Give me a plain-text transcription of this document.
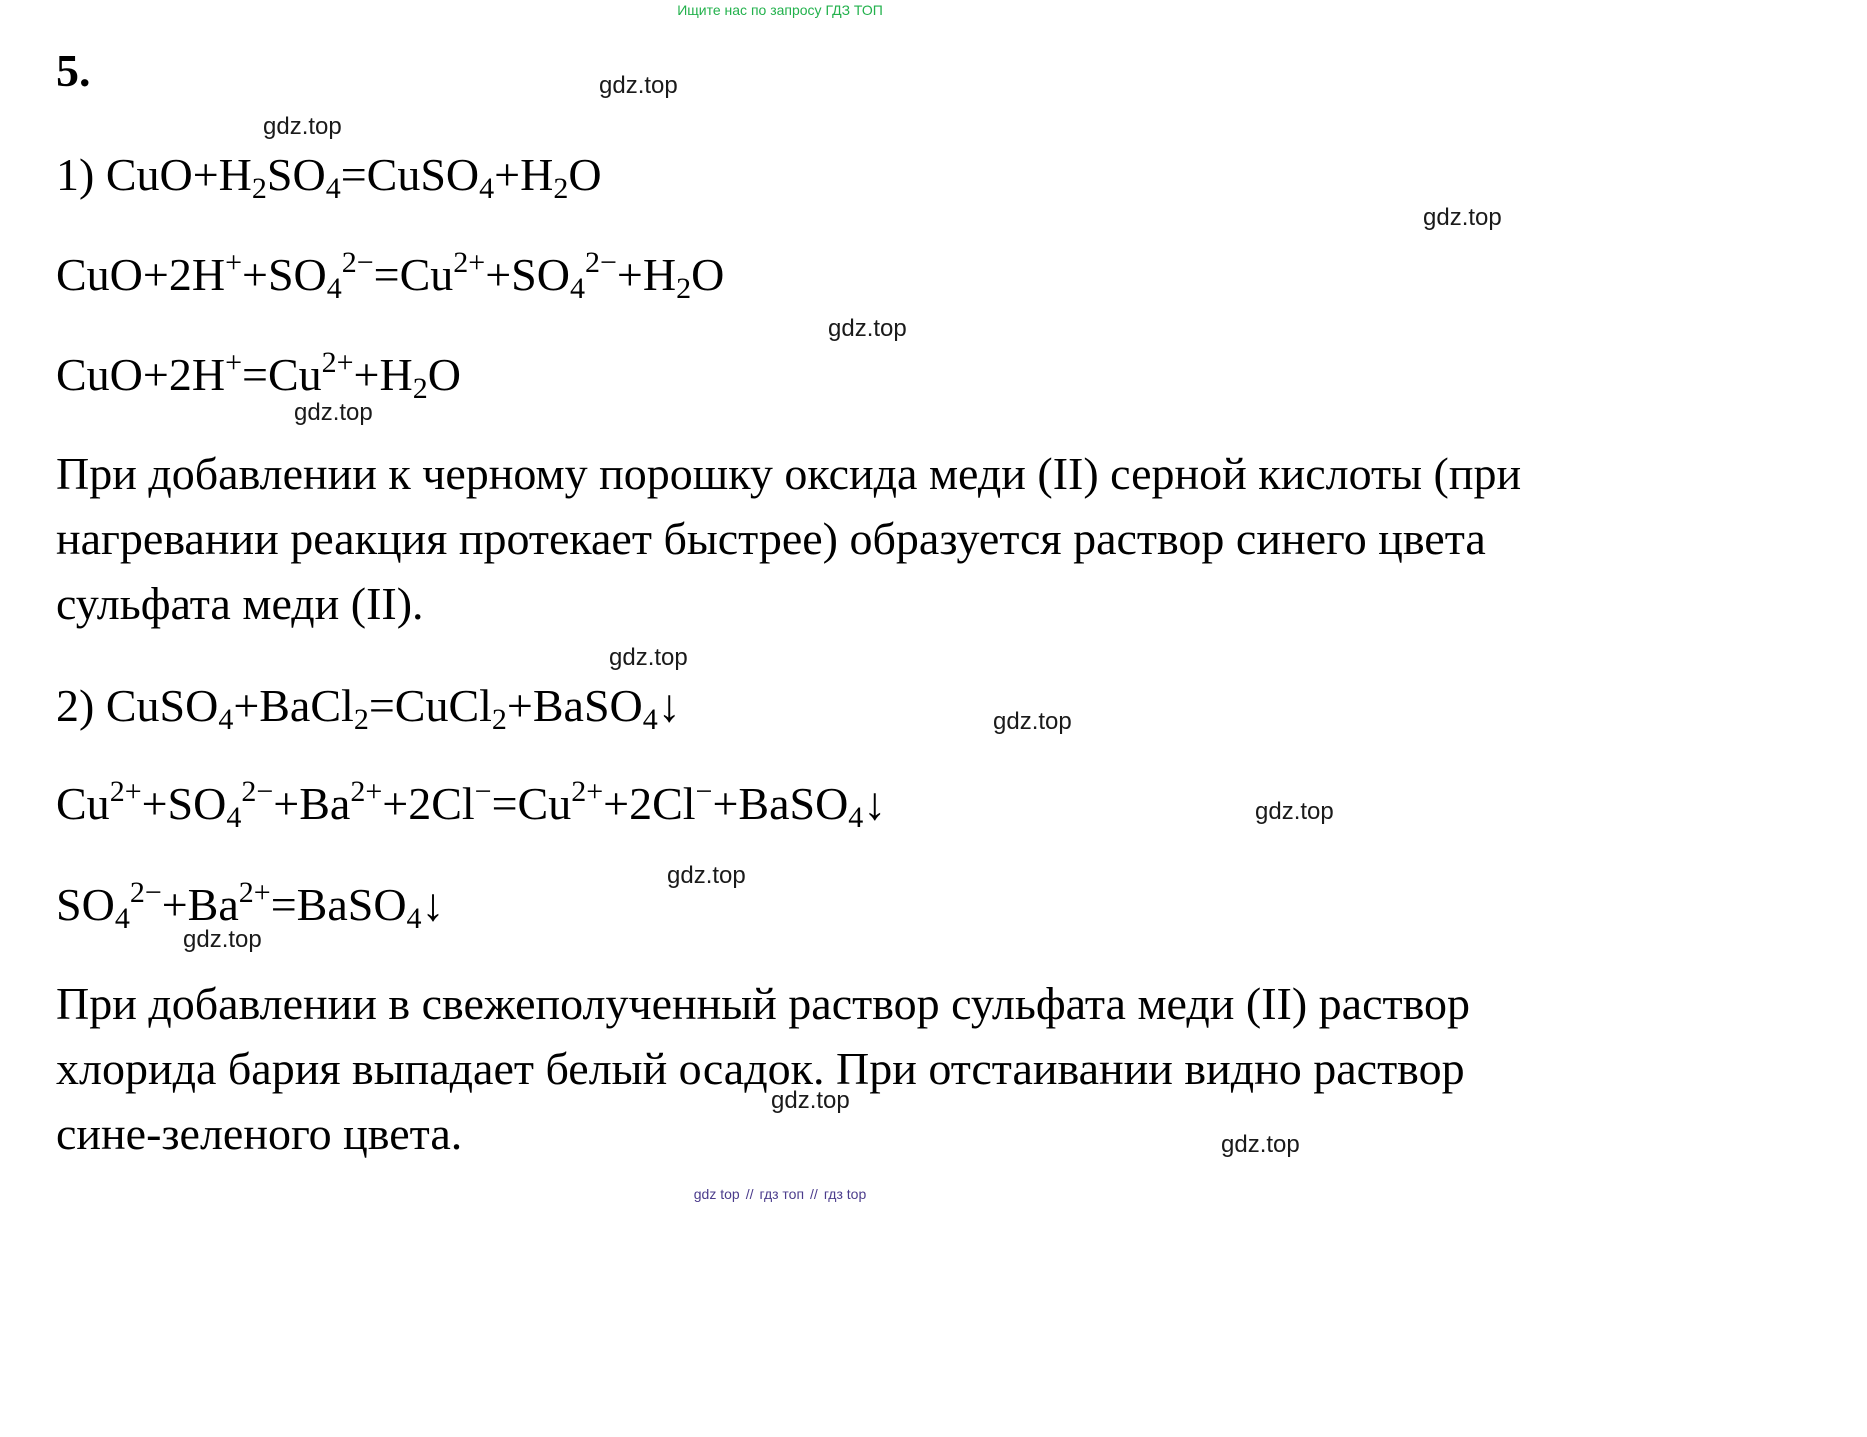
Ищите нас по запросу ГДЗ ТОП
5.
1) $CuO+H_2SO_4=CuSO_4+H_2O$
$CuO+2H^++SO_4^{2-}=Cu^{2+}+SO_4^{2-}+H_2O$
$CuO+2H^+=Cu^{2+}+H_2O$
При добавлении к черному порошку оксида меди (II) серной кислоты (при нагревании реакция протекает быстрее) образуется раствор синего цвета сульфата меди (II).
2) CuSO$_4$+BaCl$_2$=CuCl$_2$+BaSO$_4$↓
$Cu^{2+}+SO_4^{2-}+Ba^{2+}+2Cl^-=Cu^{2+}+2Cl^-+BaSO_4↓$
$SO_4^{2-}+Ba^{2+}=BaSO_4↓$
При добавлении в свежеполученный раствор сульфата меди (II) раствор хлорида бария выпадает белый осадок. При отстаивании видно раствор сине-зеленого цвета.
gdz.top
gdz.top
gdz.top
gdz.top
gdz.top
gdz.top
gdz.top
gdz.top
gdz.top
gdz.top
gdz.top
gdz.top
gdz top // гдз топ // гдз top
